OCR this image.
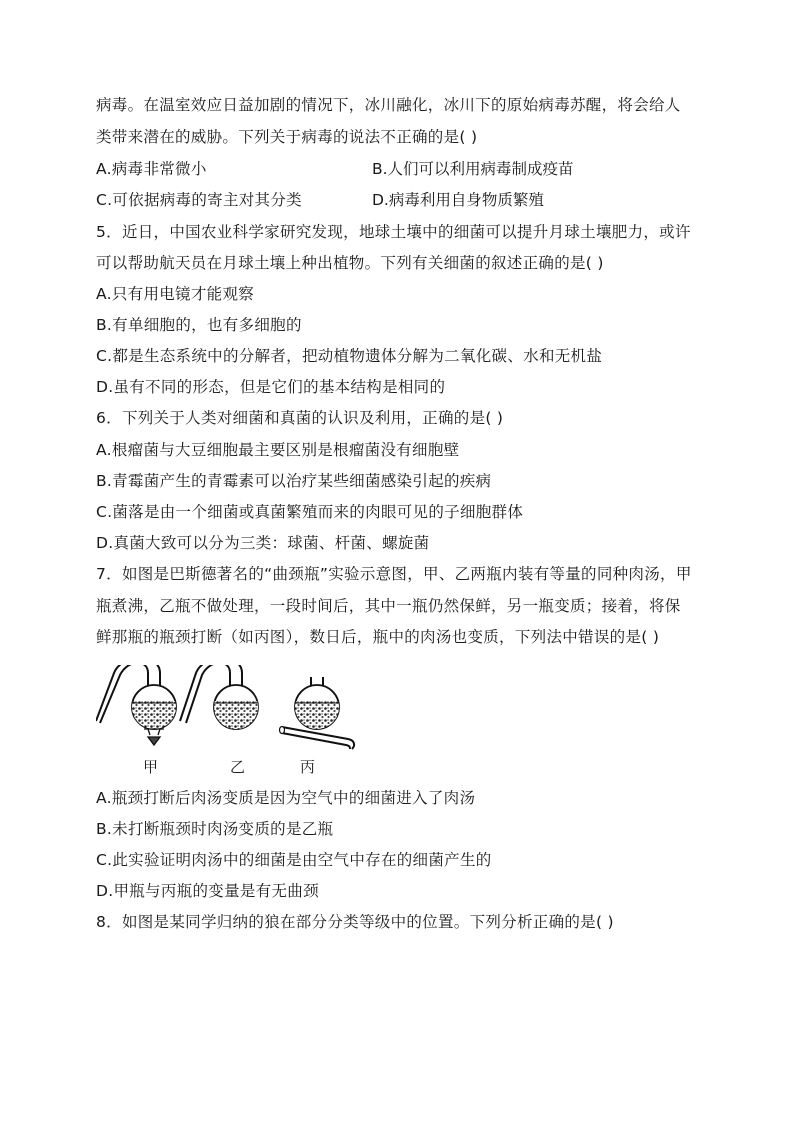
病毒。在温室效应日益加剧的情况下，冰川融化，冰川下的原始病毒苏醒，将会给人
类带来潜在的威胁。下列关于病毒的说法不正确的是( )
A.病毒非常微小	B.人们可以利用病毒制成疫苗
C.可依据病毒的寄主对其分类	D.病毒利用自身物质繁殖
5．近日，中国农业科学家研究发现，地球土壤中的细菌可以提升月球土壤肥力，或许
可以帮助航天员在月球土壤上种出植物。下列有关细菌的叙述正确的是( )
A.只有用电镜才能观察
B.有单细胞的，也有多细胞的
C.都是生态系统中的分解者，把动植物遗体分解为二氧化碳、水和无机盐
D.虽有不同的形态，但是它们的基本结构是相同的
6．下列关于人类对细菌和真菌的认识及利用，正确的是( )
A.根瘤菌与大豆细胞最主要区别是根瘤菌没有细胞壁
B.青霉菌产生的青霉素可以治疗某些细菌感染引起的疾病
C.菌落是由一个细菌或真菌繁殖而来的肉眼可见的子细胞群体
D.真菌大致可以分为三类：球菌、杆菌、螺旋菌
7．如图是巴斯德著名的“曲颈瓶”实验示意图，甲、乙两瓶内装有等量的同种肉汤，甲
瓶煮沸，乙瓶不做处理，一段时间后，其中一瓶仍然保鲜，另一瓶变质；接着，将保
鲜那瓶的瓶颈打断（如丙图），数日后，瓶中的肉汤也变质，下列法中错误的是( )
甲	乙	丙
A.瓶颈打断后肉汤变质是因为空气中的细菌进入了肉汤
B.未打断瓶颈时肉汤变质的是乙瓶
C.此实验证明肉汤中的细菌是由空气中存在的细菌产生的
D.甲瓶与丙瓶的变量是有无曲颈
8．如图是某同学归纳的狼在部分分类等级中的位置。下列分析正确的是( )
